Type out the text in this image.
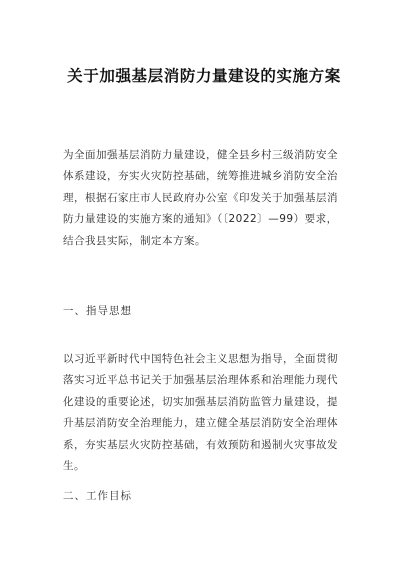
关于加强基层消防力量建设的实施方案
为全面加强基层消防力量建设，健全县乡村三级消防安全
体系建设，夯实火灾防控基础，统筹推进城乡消防安全治
理，根据石家庄市人民政府办公室《印发关于加强基层消
防力量建设的实施方案的通知》（〔2022〕—99）要求，
结合我县实际，制定本方案。
一、指导思想
以习近平新时代中国特色社会主义思想为指导，全面贯彻
落实习近平总书记关于加强基层治理体系和治理能力现代
化建设的重要论述，切实加强基层消防监管力量建设，提
升基层消防安全治理能力，建立健全基层消防安全治理体
系，夯实基层火灾防控基础，有效预防和遏制火灾事故发
生。
二、工作目标
